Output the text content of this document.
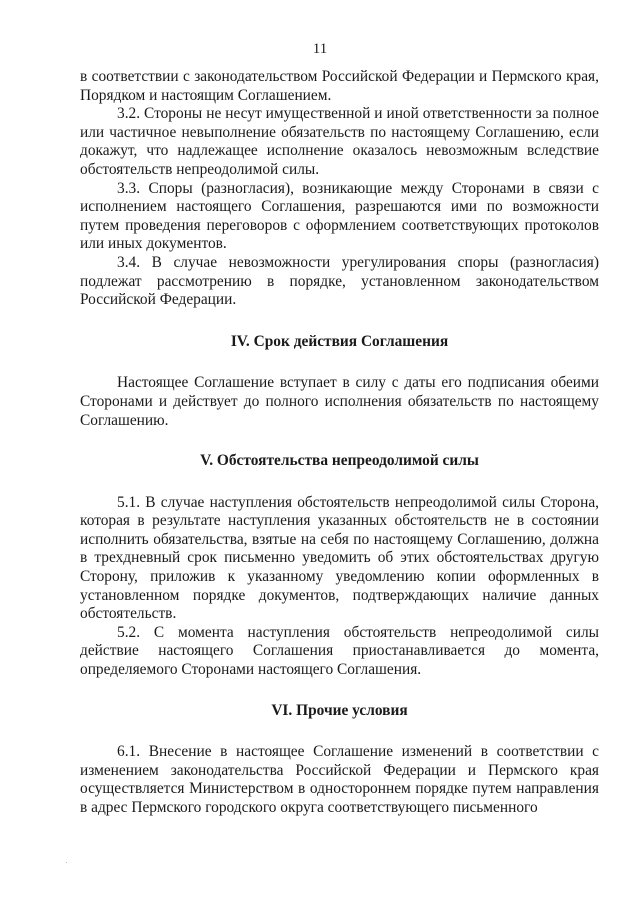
11

в соответствии с законодательством Российской Федерации и Пермского края, Порядком и настоящим Соглашением.

3.2. Стороны не несут имущественной и иной ответственности за полное или частичное невыполнение обязательств по настоящему Соглашению, если докажут, что надлежащее исполнение оказалось невозможным вследствие обстоятельств непреодолимой силы.

3.3. Споры (разногласия), возникающие между Сторонами в связи с исполнением настоящего Соглашения, разрешаются ими по возможности путем проведения переговоров с оформлением соответствующих протоколов или иных документов.

3.4. В случае невозможности урегулирования споры (разногласия) подлежат рассмотрению в порядке, установленном законодательством Российской Федерации.

IV. Срок действия Соглашения

Настоящее Соглашение вступает в силу с даты его подписания обеими Сторонами и действует до полного исполнения обязательств по настоящему Соглашению.

V. Обстоятельства непреодолимой силы

5.1. В случае наступления обстоятельств непреодолимой силы Сторона, которая в результате наступления указанных обстоятельств не в состоянии исполнить обязательства, взятые на себя по настоящему Соглашению, должна в трехдневный срок письменно уведомить об этих обстоятельствах другую Сторону, приложив к указанному уведомлению копии оформленных в установленном порядке документов, подтверждающих наличие данных обстоятельств.

5.2. С момента наступления обстоятельств непреодолимой силы действие настоящего Соглашения приостанавливается до момента, определяемого Сторонами настоящего Соглашения.

VI. Прочие условия

6.1. Внесение в настоящее Соглашение изменений в соответствии с изменением законодательства Российской Федерации и Пермского края осуществляется Министерством в одностороннем порядке путем направления в адрес Пермского городского округа соответствующего письменного
